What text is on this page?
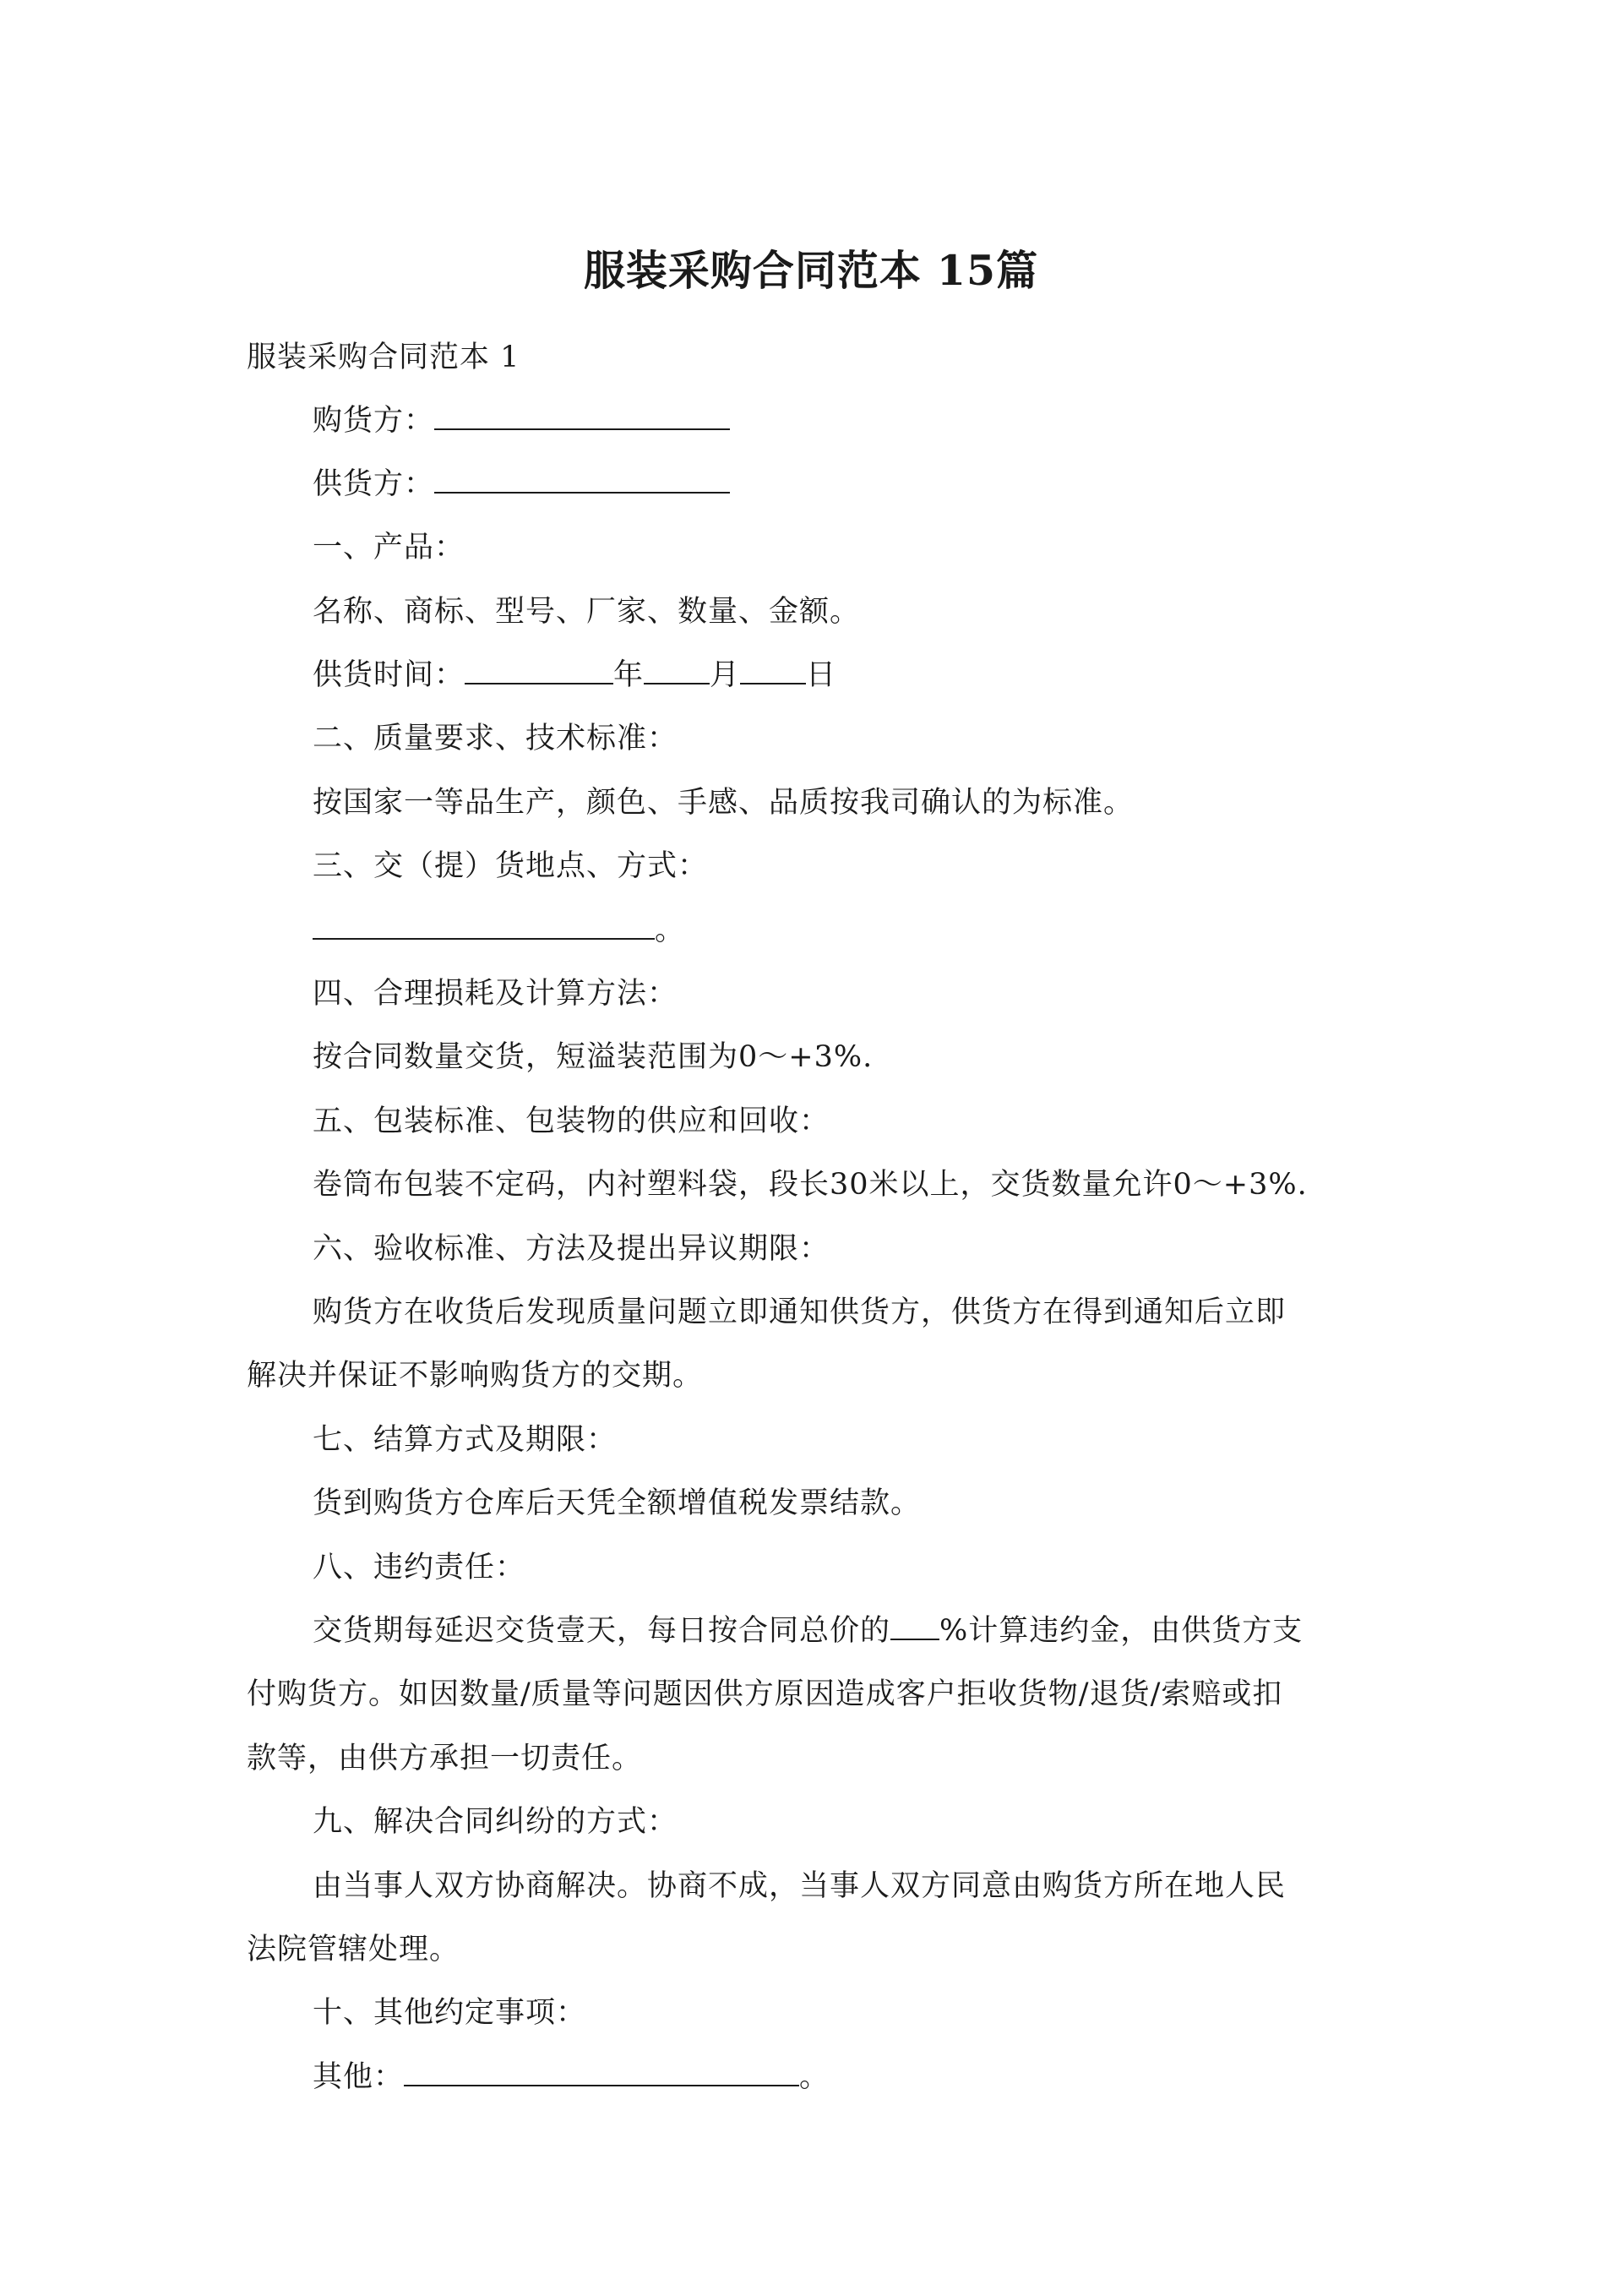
服装采购合同范本 15篇
服装采购合同范本 1
购货方：
供货方：
一、产品：
名称、商标、型号、厂家、数量、金额。
供货时间：	年 月 日
二、质量要求、技术标准：
按国家一等品生产，颜色、手感、品质按我司确认的为标准。
三、交（提）货地点、方式：
。
四、合理损耗及计算方法：
按合同数量交货，短溢装范围为0～+3%.
五、包装标准、包装物的供应和回收：
卷筒布包装不定码，内衬塑料袋，段长30米以上，交货数量允许0～+3%.
六、验收标准、方法及提出异议期限：
购货方在收货后发现质量问题立即通知供货方，供货方在得到通知后立即
解决并保证不影响购货方的交期。
七、结算方式及期限：
货到购货方仓库后天凭全额增值税发票结款。
八、违约责任：
交货期每延迟交货壹天，每日按合同总价的 %计算违约金，由供货方支
付购货方。如因数量/质量等问题因供方原因造成客户拒收货物/退货/索赔或扣
款等，由供方承担一切责任。
九、解决合同纠纷的方式：
由当事人双方协商解决。协商不成，当事人双方同意由购货方所在地人民
法院管辖处理。
十、其他约定事项：
其他：	。
